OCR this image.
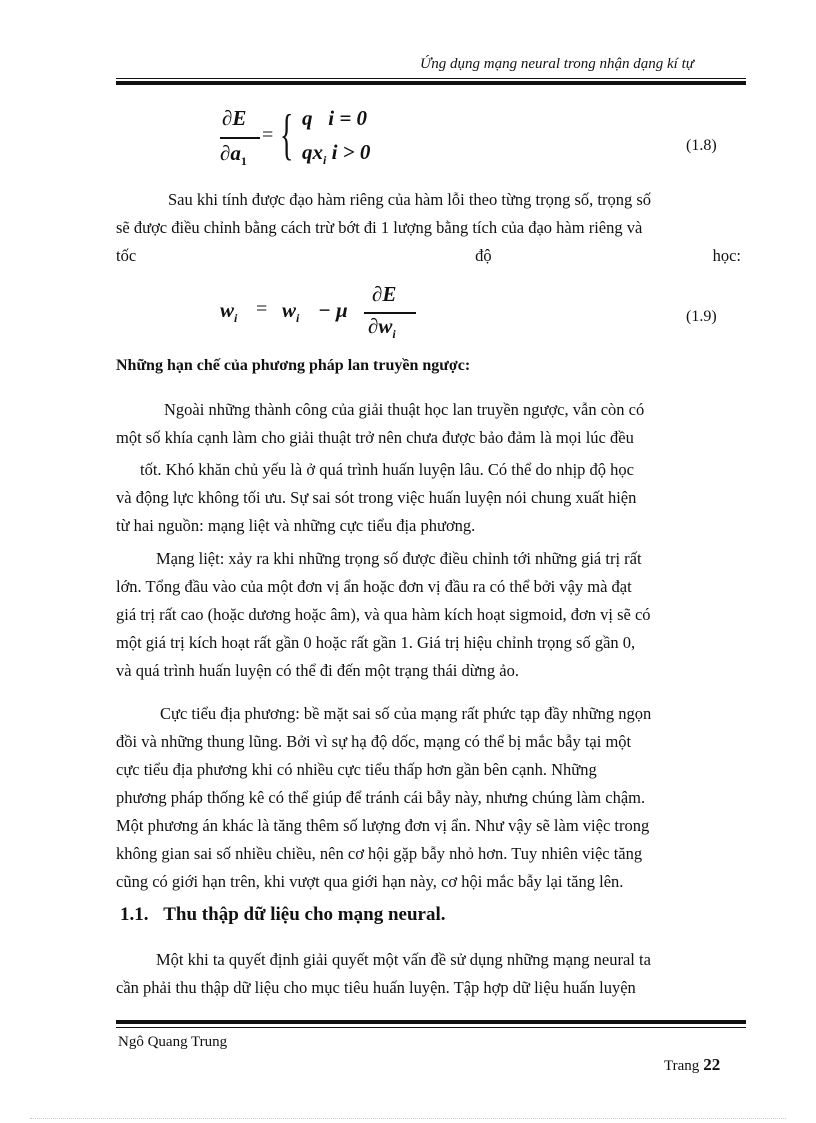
Ứng dụng mạng neural trong nhận dạng kí tự
∂E
$\partial a_1$
= { q   i = 0
$qx_i$ i > 0	(1.8)

Sau khi tính được đạo hàm riêng của hàm lỗi theo từng trọng số, trọng số

sẽ được điều chỉnh bằng cách trừ bớt đi 1 lượng bằng tích của đạo hàm riêng và

tốc	độ	học:

$w_i = w_i - \mu$
∂E
$\partial w_i$
(1.9)
Những hạn chế của phương pháp lan truyền ngược:

Ngoài những thành công của giải thuật học lan truyền ngược, vẫn còn có

một số khía cạnh làm cho giải thuật trở nên chưa được bảo đảm là mọi lúc đều

tốt. Khó khăn chủ yếu là ở quá trình huấn luyện lâu. Có thể do nhịp độ học

và động lực không tối ưu. Sự sai sót trong việc huấn luyện nói chung xuất hiện

từ hai nguồn: mạng liệt và những cực tiểu địa phương.

Mạng liệt: xảy ra khi những trọng số được điều chỉnh tới những giá trị rất

lớn. Tổng đầu vào của một đơn vị ẩn hoặc đơn vị đầu ra có thể bởi vậy mà đạt

giá trị rất cao (hoặc dương hoặc âm), và qua hàm kích hoạt sigmoid, đơn vị sẽ có

một giá trị kích hoạt rất gần 0 hoặc rất gần 1. Giá trị hiệu chỉnh trọng số gần 0,

và quá trình huấn luyện có thể đi đến một trạng thái dừng ảo.

Cực tiểu địa phương: bề mặt sai số của mạng rất phức tạp đầy những ngọn

đồi và những thung lũng. Bởi vì sự hạ độ dốc, mạng có thể bị mắc bẫy tại một

cực tiểu địa phương khi có nhiều cực tiểu thấp hơn gần bên cạnh. Những

phương pháp thống kê có thể giúp để tránh cái bẫy này, nhưng chúng làm chậm.

Một phương án khác là tăng thêm số lượng đơn vị ẩn. Như vậy sẽ làm việc trong

không gian sai số nhiều chiều, nên cơ hội gặp bẫy nhỏ hơn. Tuy nhiên việc tăng

cũng có giới hạn trên, khi vượt qua giới hạn này, cơ hội mắc bẫy lại tăng lên.

1.1. Thu thập dữ liệu cho mạng neural.

Một khi ta quyết định giải quyết một vấn đề sử dụng những mạng neural ta

cần phải thu thập dữ liệu cho mục tiêu huấn luyện. Tập hợp dữ liệu huấn luyện

Ngô Quang Trung
Trang 22
